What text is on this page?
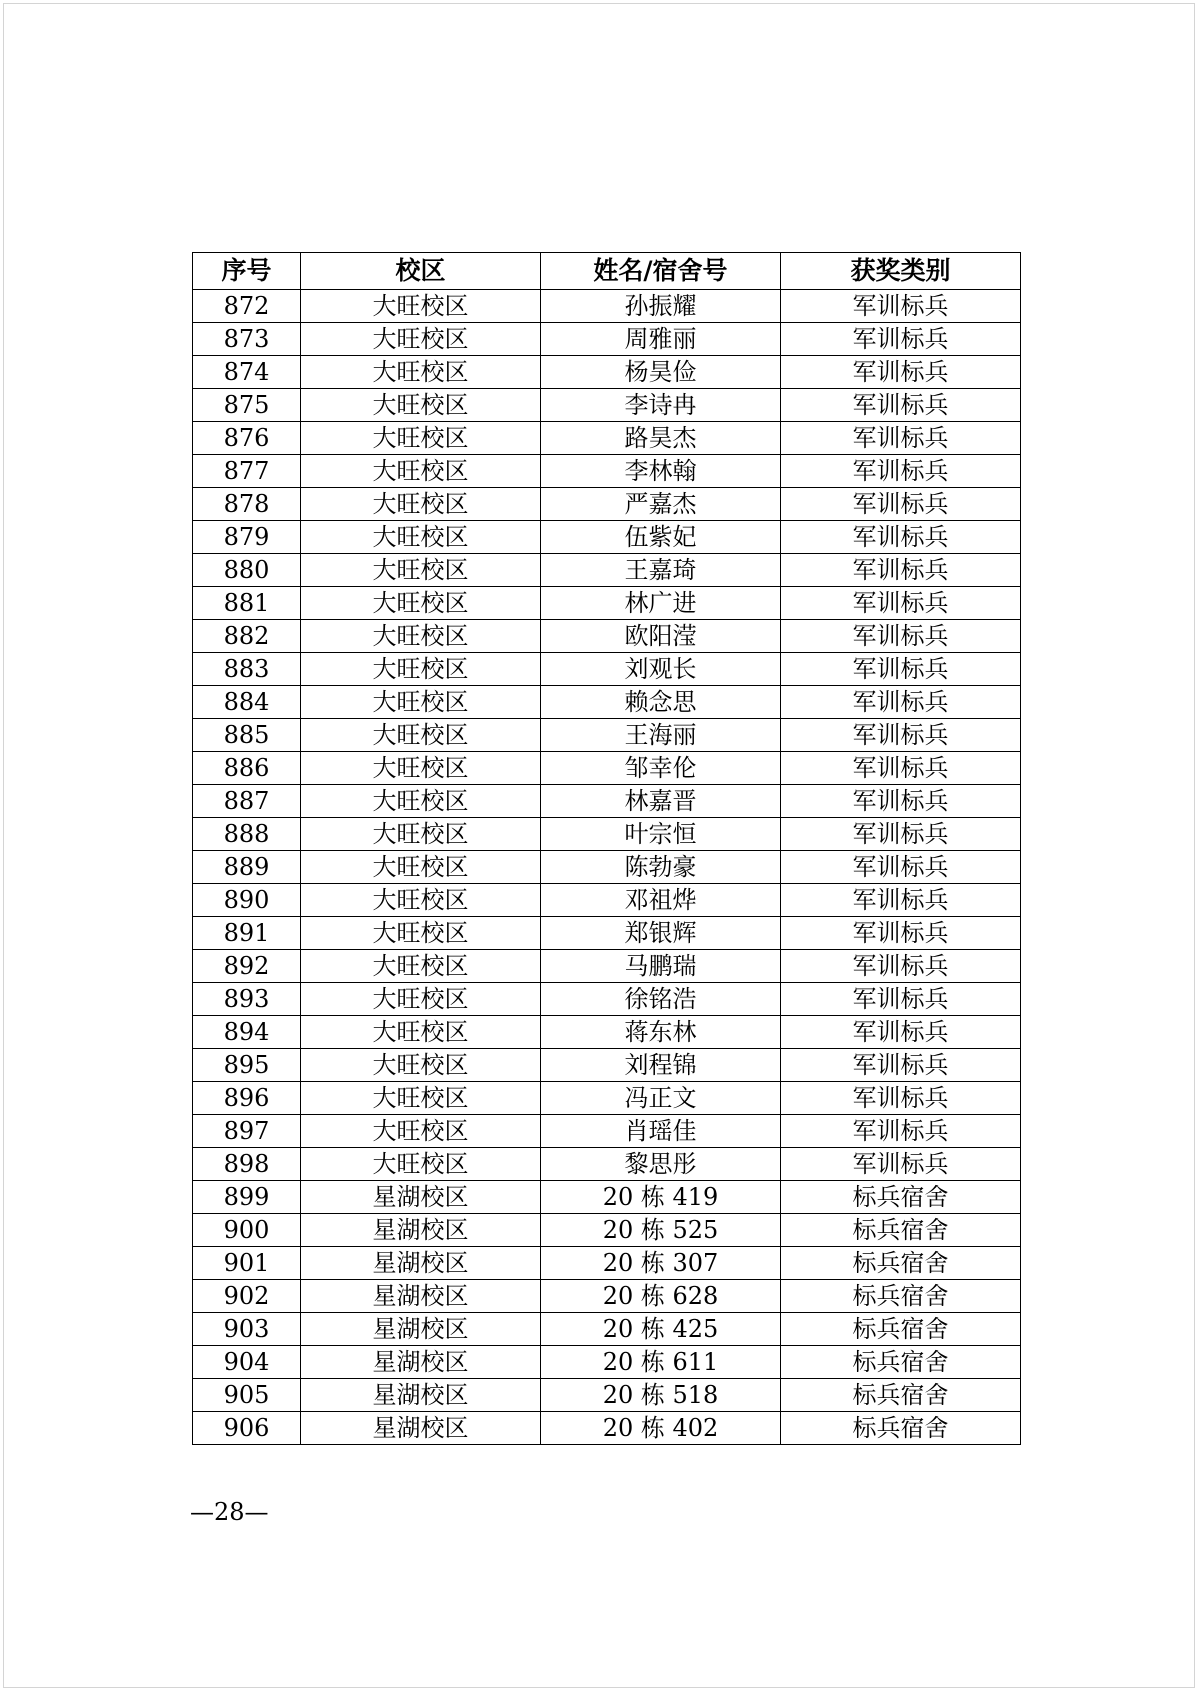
序号	校区	姓名/宿舍号	获奖类别
872	大旺校区	孙振耀	军训标兵
873	大旺校区	周雅丽	军训标兵
874	大旺校区	杨昊俭	军训标兵
875	大旺校区	李诗冉	军训标兵
876	大旺校区	路昊杰	军训标兵
877	大旺校区	李林翰	军训标兵
878	大旺校区	严嘉杰	军训标兵
879	大旺校区	伍紫妃	军训标兵
880	大旺校区	王嘉琦	军训标兵
881	大旺校区	林广进	军训标兵
882	大旺校区	欧阳滢	军训标兵
883	大旺校区	刘观长	军训标兵
884	大旺校区	赖念思	军训标兵
885	大旺校区	王海丽	军训标兵
886	大旺校区	邹幸伦	军训标兵
887	大旺校区	林嘉晋	军训标兵
888	大旺校区	叶宗恒	军训标兵
889	大旺校区	陈勃豪	军训标兵
890	大旺校区	邓祖烨	军训标兵
891	大旺校区	郑银辉	军训标兵
892	大旺校区	马鹏瑞	军训标兵
893	大旺校区	徐铭浩	军训标兵
894	大旺校区	蒋东林	军训标兵
895	大旺校区	刘程锦	军训标兵
896	大旺校区	冯正文	军训标兵
897	大旺校区	肖瑶佳	军训标兵
898	大旺校区	黎思彤	军训标兵
899	星湖校区	20 栋 419	标兵宿舍
900	星湖校区	20 栋 525	标兵宿舍
901	星湖校区	20 栋 307	标兵宿舍
902	星湖校区	20 栋 628	标兵宿舍
903	星湖校区	20 栋 425	标兵宿舍
904	星湖校区	20 栋 611	标兵宿舍
905	星湖校区	20 栋 518	标兵宿舍
906	星湖校区	20 栋 402	标兵宿舍
—28—
